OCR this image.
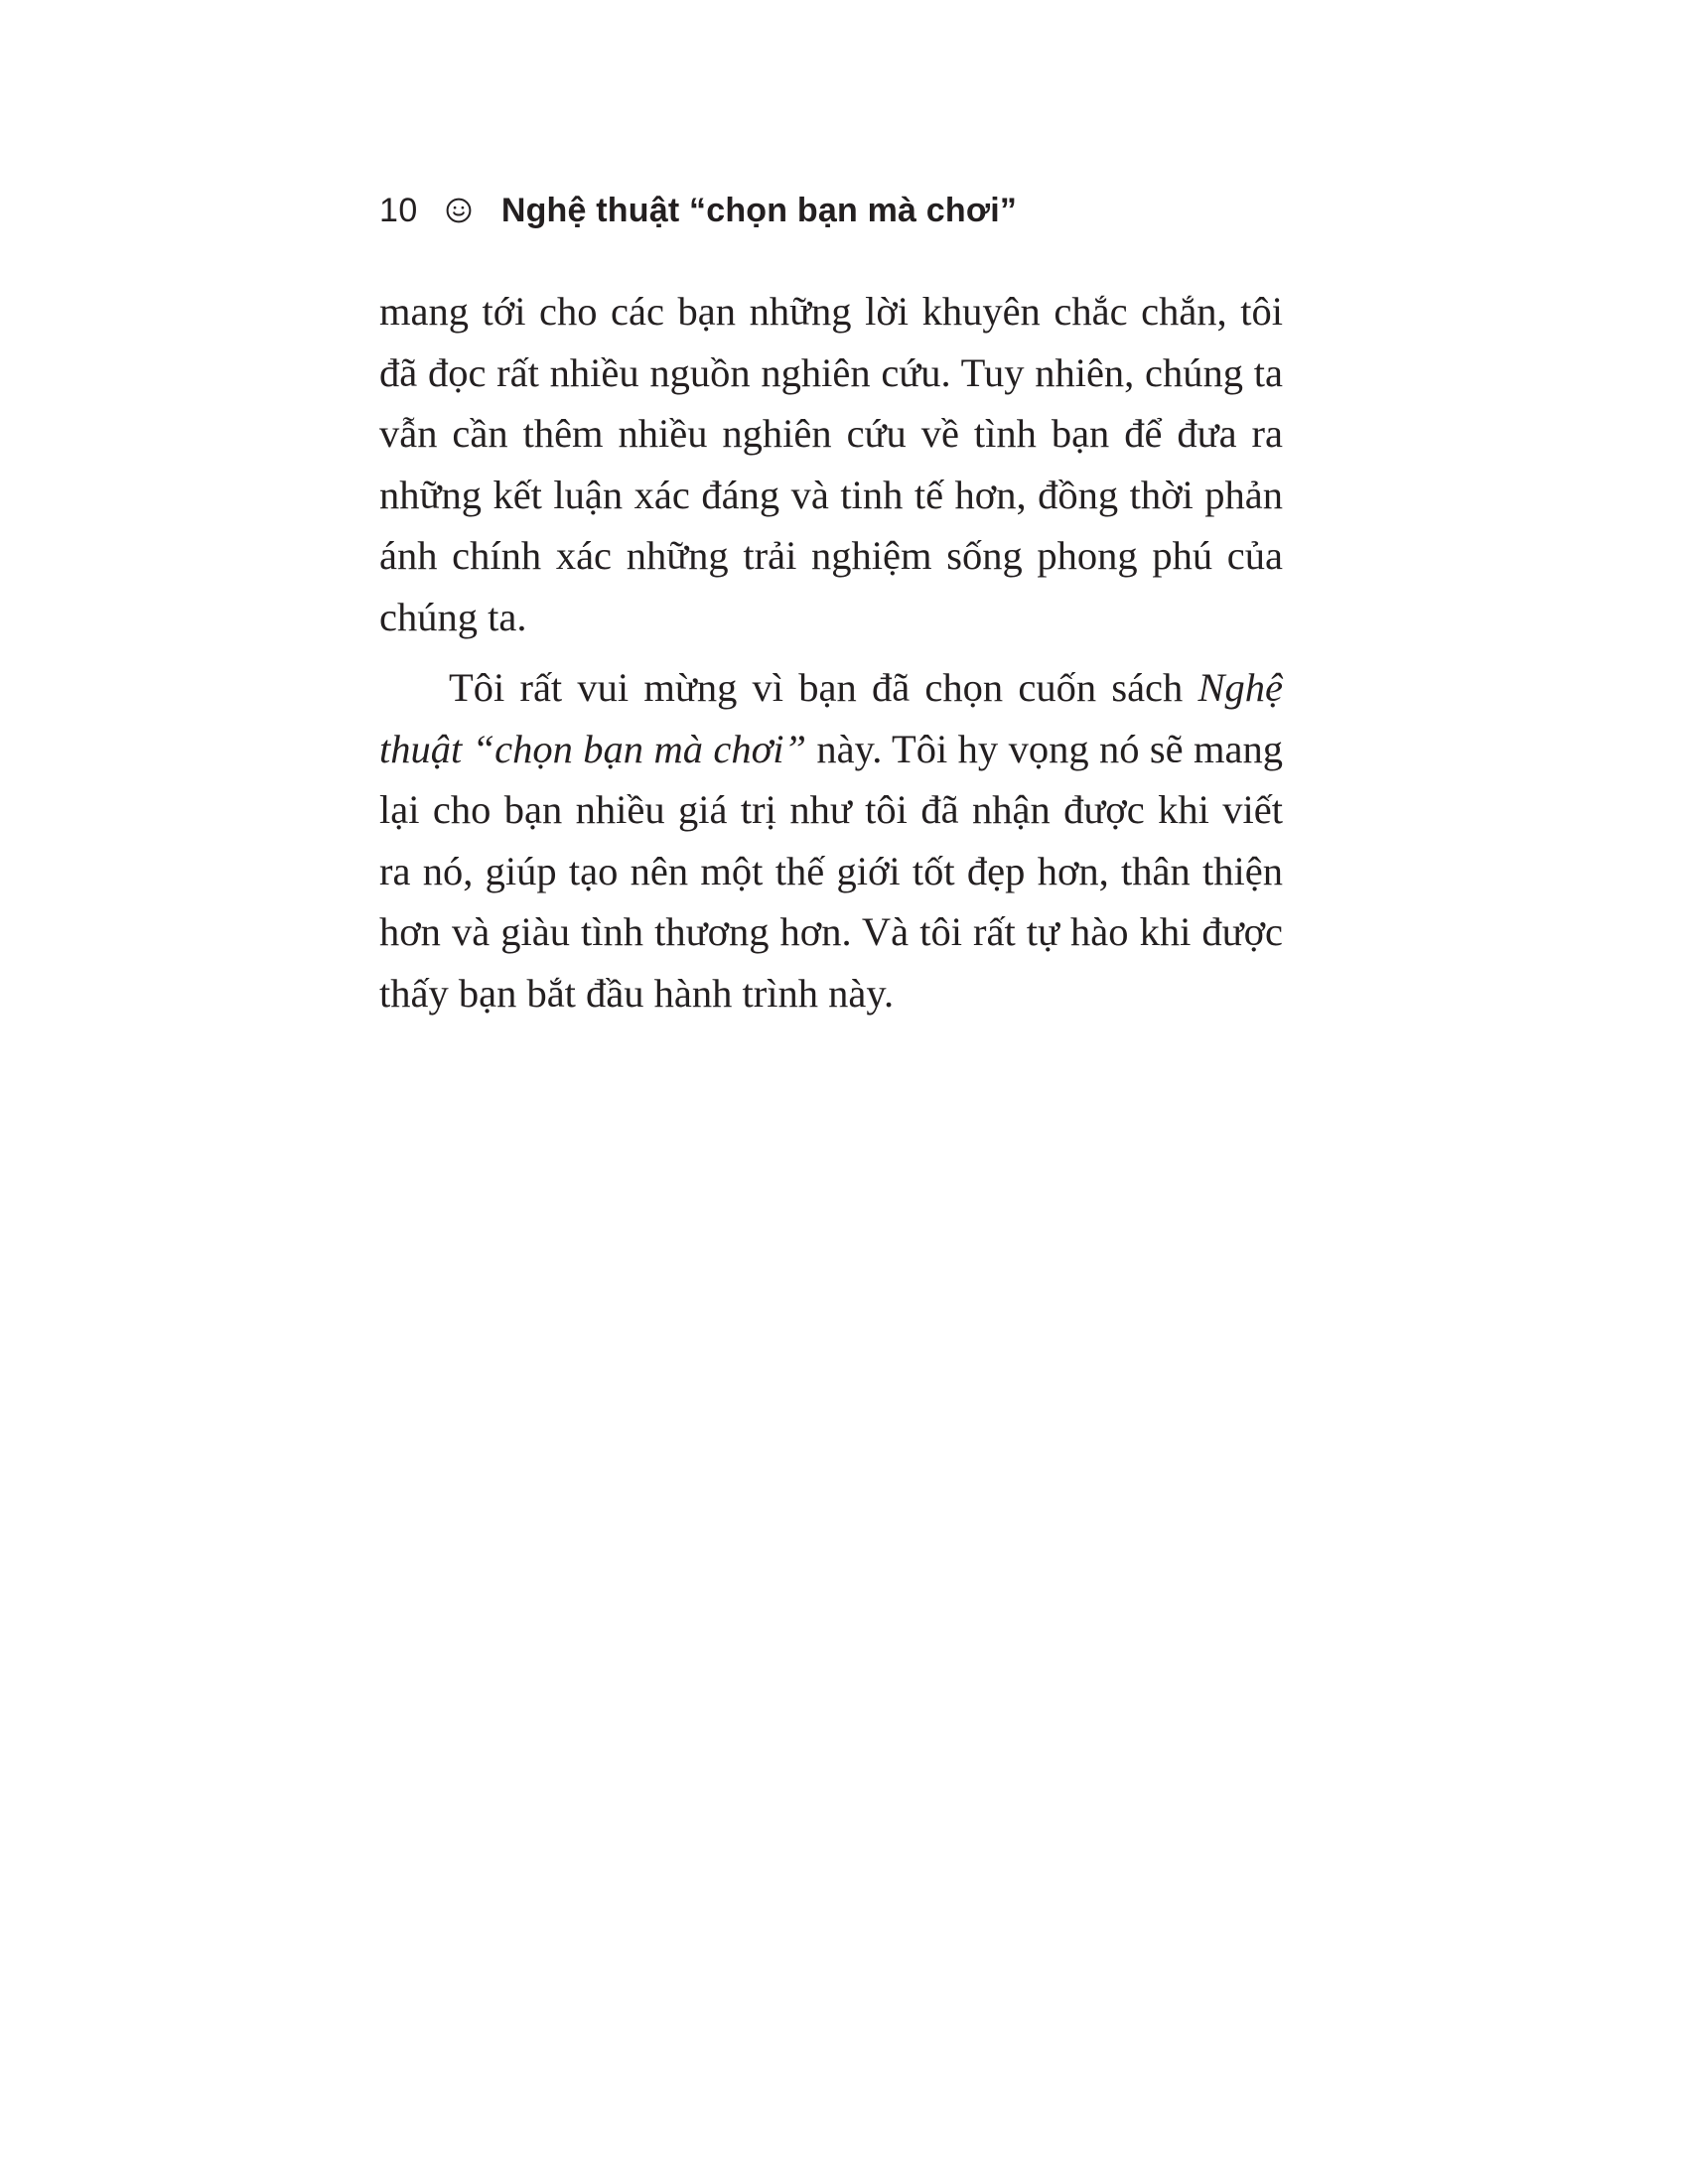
10 Nghệ thuật “chọn bạn mà chơi”

mang tới cho các bạn những lời khuyên chắc chắn, tôi đã đọc rất nhiều nguồn nghiên cứu. Tuy nhiên, chúng ta vẫn cần thêm nhiều nghiên cứu về tình bạn để đưa ra những kết luận xác đáng và tinh tế hơn, đồng thời phản ánh chính xác những trải nghiệm sống phong phú của chúng ta.

Tôi rất vui mừng vì bạn đã chọn cuốn sách Nghệ thuật “chọn bạn mà chơi” này. Tôi hy vọng nó sẽ mang lại cho bạn nhiều giá trị như tôi đã nhận được khi viết ra nó, giúp tạo nên một thế giới tốt đẹp hơn, thân thiện hơn và giàu tình thương hơn. Và tôi rất tự hào khi được thấy bạn bắt đầu hành trình này.
